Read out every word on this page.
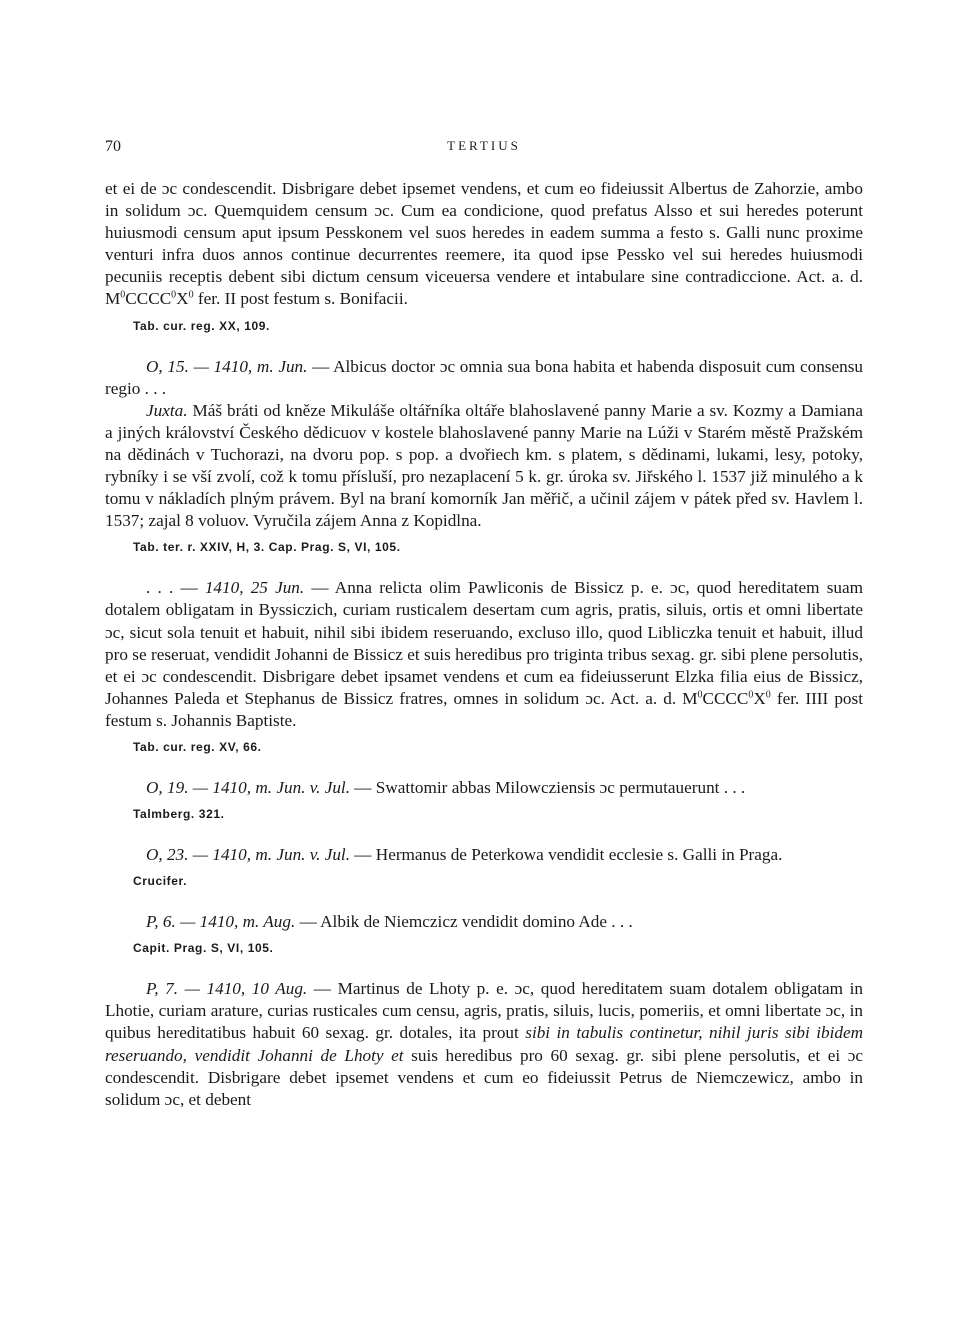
70	TERTIUS

et ei de ɔc condescendit. Disbrigare debet ipsemet vendens, et cum eo fideiussit Albertus de Zahorzie, ambo in solidum ɔc. Quemquidem censum ɔc. Cum ea condicione, quod prefatus Alsso et sui heredes poterunt huiusmodi censum aput ipsum Pesskonem vel suos heredes in eadem summa a festo s. Galli nunc proxime venturi infra duos annos continue decurrentes reemere, ita quod ipse Pessko vel sui heredes huiusmodi pecuniis receptis debent sibi dictum censum viceuersa vendere et intabulare sine contradiccione. Act. a. d. $M^0CCCC^0X^0$ fer. II post festum s. Bonifacii.

Tab. cur. reg. XX, 109.

O, 15. — 1410, m. Jun. — Albicus doctor ɔc omnia sua bona habita et habenda disposuit cum consensu regio . . .

Juxta. Máš bráti od kněze Mikuláše oltářníka oltáře blahoslavené panny Marie a sv. Kozmy a Damiana a jiných království Českého dědicuov v kostele blahoslavené panny Marie na Lúži v Starém městě Pražském na dědinách v Tuchorazi, na dvoru pop. s pop. a dvořiech km. s platem, s dědinami, lukami, lesy, potoky, rybníky i se vší zvolí, což k tomu přísluší, pro nezaplacení 5 k. gr. úroka sv. Jiřského l. 1537 již minulého a k tomu v nákladích plným právem. Byl na braní komorník Jan měřič, a učinil zájem v pátek před sv. Havlem l. 1537; zajal 8 voluov. Vyručila zájem Anna z Kopidlna.

Tab. ter. r. XXIV, H, 3. Cap. Prag. S, VI, 105.

. . . — 1410, 25 Jun. — Anna relicta olim Pawliconis de Bissicz p. e. ɔc, quod hereditatem suam dotalem obligatam in Byssiczich, curiam rusticalem desertam cum agris, pratis, siluis, ortis et omni libertate ɔc, sicut sola tenuit et habuit, nihil sibi ibidem reseruando, excluso illo, quod Libliczka tenuit et habuit, illud pro se reseruat, vendidit Johanni de Bissicz et suis heredibus pro triginta tribus sexag. gr. sibi plene persolutis, et ei ɔc condescendit. Disbrigare debet ipsamet vendens et cum ea fideiusserunt Elzka filia eius de Bissicz, Johannes Paleda et Stephanus de Bissicz fratres, omnes in solidum ɔc. Act. a. d. $M^0CCCC^0X^0$ fer. IIII post festum s. Johannis Baptiste.

Tab. cur. reg. XV, 66.

O, 19. — 1410, m. Jun. v. Jul. — Swattomir abbas Milowcziensis ɔc permutauerunt . . .

Talmberg. 321.

O, 23. — 1410, m. Jun. v. Jul. — Hermanus de Peterkowa vendidit ecclesie s. Galli in Praga.

Crucifer.

P, 6. — 1410, m. Aug. — Albik de Niemczicz vendidit domino Ade . . .

Capit. Prag. S, VI, 105.

P, 7. — 1410, 10 Aug. — Martinus de Lhoty p. e. ɔc, quod hereditatem suam dotalem obligatam in Lhotie, curiam arature, curias rusticales cum censu, agris, pratis, siluis, lucis, pomeriis, et omni libertate ɔc, in quibus hereditatibus habuit 60 sexag. gr. dotales, ita prout sibi in tabulis continetur, nihil juris sibi ibidem reseruando, vendidit Johanni de Lhoty et suis heredibus pro 60 sexag. gr. sibi plene persolutis, et ei ɔc condescendit. Disbrigare debet ipsemet vendens et cum eo fideiussit Petrus de Niemczewicz, ambo in solidum ɔc, et debent
